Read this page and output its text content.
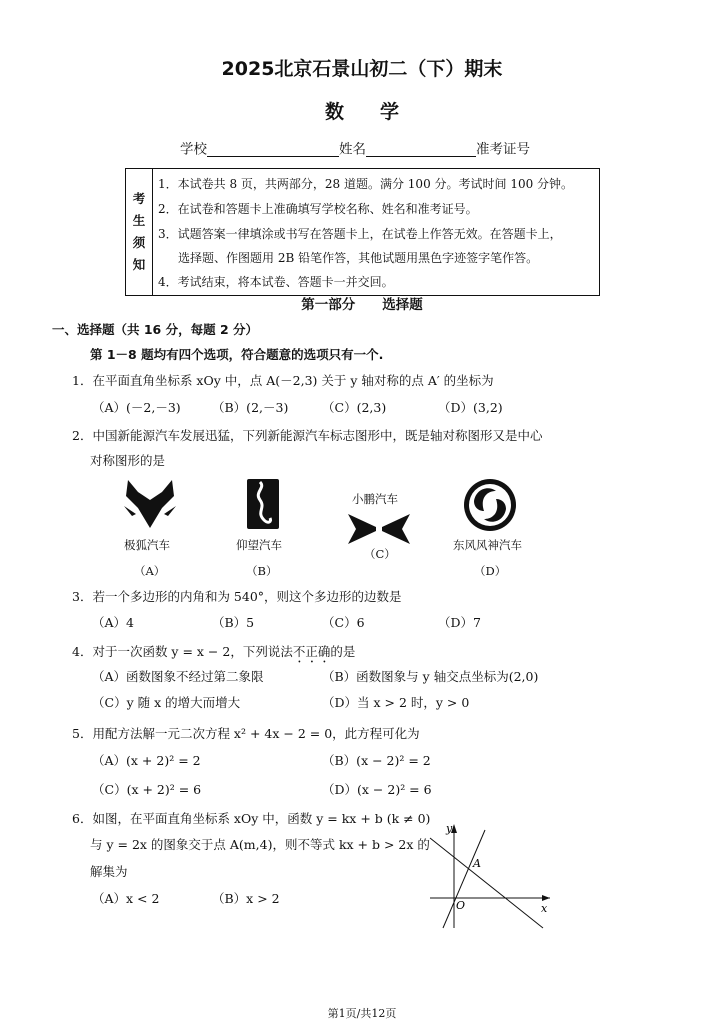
2025北京石景山初二（下）期末
数学
学校	姓名	准考证号
考
生
须
知
1．本试卷共 8 页，共两部分，28 道题。满分 100 分。考试时间 100 分钟。
2．在试卷和答题卡上准确填写学校名称、姓名和准考证号。
3．试题答案一律填涂或书写在答题卡上，在试卷上作答无效。在答题卡上，
选择题、作图题用 2B 铅笔作答，其他试题用黑色字迹签字笔作答。
4．考试结束，将本试卷、答题卡一并交回。
第一部分　　选择题
一、选择题（共 16 分，每题 2 分）
第 1－8 题均有四个选项，符合题意的选项只有一个.
1．在平面直角坐标系 xOy 中，点 A(－2,3) 关于 y 轴对称的点 A′ 的坐标为
（A）(－2,－3)	（B）(2,－3)	（C）(2,3)	（D）(3,2)
2．中国新能源汽车发展迅猛，下列新能源汽车标志图形中，既是轴对称图形又是中心
对称图形的是
小鹏汽车
极狐汽车	仰望汽车	东风风神汽车
（A）	（B）
（C）
（D）
3．若一个多边形的内角和为 540°，则这个多边形的边数是
（A）4	（B）5	（C）6	（D）7
4．对于一次函数 y = x − 2，下列说法不正确的是
（A）函数图象不经过第二象限	（B）函数图象与 y 轴交点坐标为(2,0)
（C）y 随 x 的增大而增大	（D）当 x > 2 时，y > 0
5．用配方法解一元二次方程 x² + 4x − 2 = 0，此方程可化为
（A）(x + 2)² = 2	（B）(x − 2)² = 2
（C）(x + 2)² = 6	（D）(x − 2)² = 6
6．如图，在平面直角坐标系 xOy 中，函数 y = kx + b (k ≠ 0)
与 y = 2x 的图象交于点 A(m,4)，则不等式 kx + b > 2x 的
解集为
（A）x < 2	（B）x > 2
y
x
O
A
第1页/共12页
